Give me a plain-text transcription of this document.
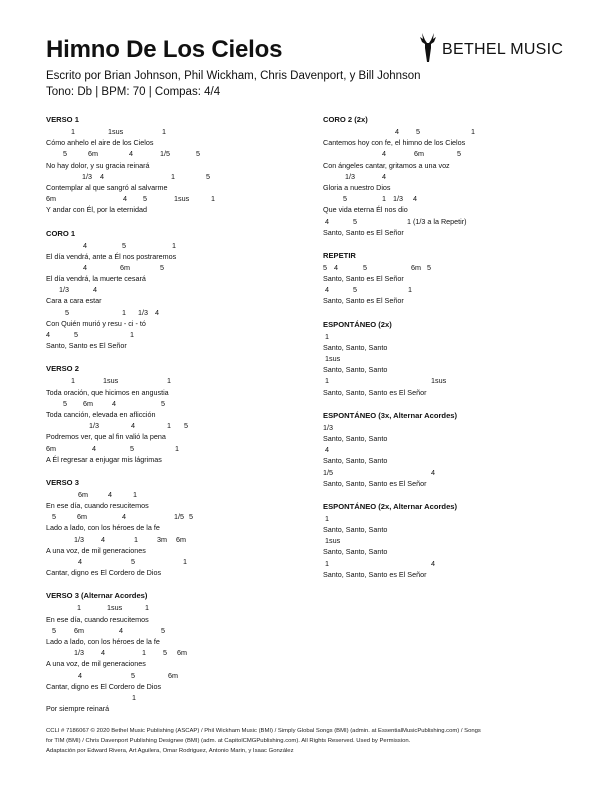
Himno De Los Cielos
Escrito por Brian Johnson, Phil Wickham, Chris Davenport, y Bill Johnson
Tono: Db | BPM: 70 | Compas: 4/4
BETHEL MUSIC
VERSO 1
1	1sus	1
Cómo anhelo el aire de los Cielos
5	6m	4	1/5	5
No hay dolor, y su gracia reinará
1/3 4	1	5
Contemplar al que sangró al salvarme
6m	4 5	1sus	1
Y andar con Él, por la eternidad
CORO 1
4	5	1
El día vendrá, ante a Él nos postraremos
4	6m	5
El día vendrá, la muerte cesará
1/3	4
Cara a cara estar
5	1 1/3 4
Con Quién murió y resu - ci - tó
4	5	1
Santo, Santo es El Señor
VERSO 2
1	1sus	1
Toda oración, que hicimos en angustia
5 6m	4	5
Toda canción, elevada en aflicción
1/3	4	1 5
Podremos ver, que al fin valió la pena
6m	4	5	1
A Él regresar a enjugar mis lágrimas
VERSO 3
6m	4	1
En ese día, cuando resucitemos
5	6m	4	1/5 5
Lado a lado, con los héroes de la fe
1/3 4	1	3m 6m
A una voz, de mil generaciones
4	5	1
Cantar, digno es El Cordero de Dios
VERSO 3 (Alternar Acordes)
1	1sus	1
En ese día, cuando resucitemos
5	6m	4	5
Lado a lado, con los héroes de la fe
1/3 4	1 5 6m
A una voz, de mil generaciones
4	5	6m
Cantar, digno es El Cordero de Dios
1
Por siempre reinará
CORO 2 (2x)
4 5	1
Cantemos hoy con fe, el himno de los Cielos
4	6m	5
Con ángeles cantar, gritamos a una voz
1/3	4
Gloria a nuestro Dios
5	1 1/3 4
Que vida eterna Él nos dio
4	5	1 (1/3 a la Repetir)
Santo, Santo es El Señor
REPETIR
5 4	5	6m 5
Santo, Santo es El Señor
4	5	1
Santo, Santo es El Señor
ESPONTÁNEO (2x)
1
Santo, Santo, Santo
1sus
Santo, Santo, Santo
1	1sus
Santo, Santo, Santo es El Señor
ESPONTÁNEO (3x, Alternar Acordes)
1/3
Santo, Santo, Santo
4
Santo, Santo, Santo
1/5	4
Santo, Santo, Santo es El Señor
ESPONTÁNEO (2x, Alternar Acordes)
1
Santo, Santo, Santo
1sus
Santo, Santo, Santo
1	4
Santo, Santo, Santo es El Señor
CCLI # 7186067 © 2020 Bethel Music Publishing (ASCAP) / Phil Wickham Music (BMI) / Simply Global Songs (BMI) (admin. at EssentialMusicPublishing.com) / Songs
for TIM (BMI) / Chris Davenport Publishing Designee (BMI) (adm. at CapitolCMGPublishing.com). All Rights Reserved. Used by Permission.
Adaptación por Edward Rivera, Art Aguilera, Omar Rodriguez, Antonio Marin, y Isaac González
